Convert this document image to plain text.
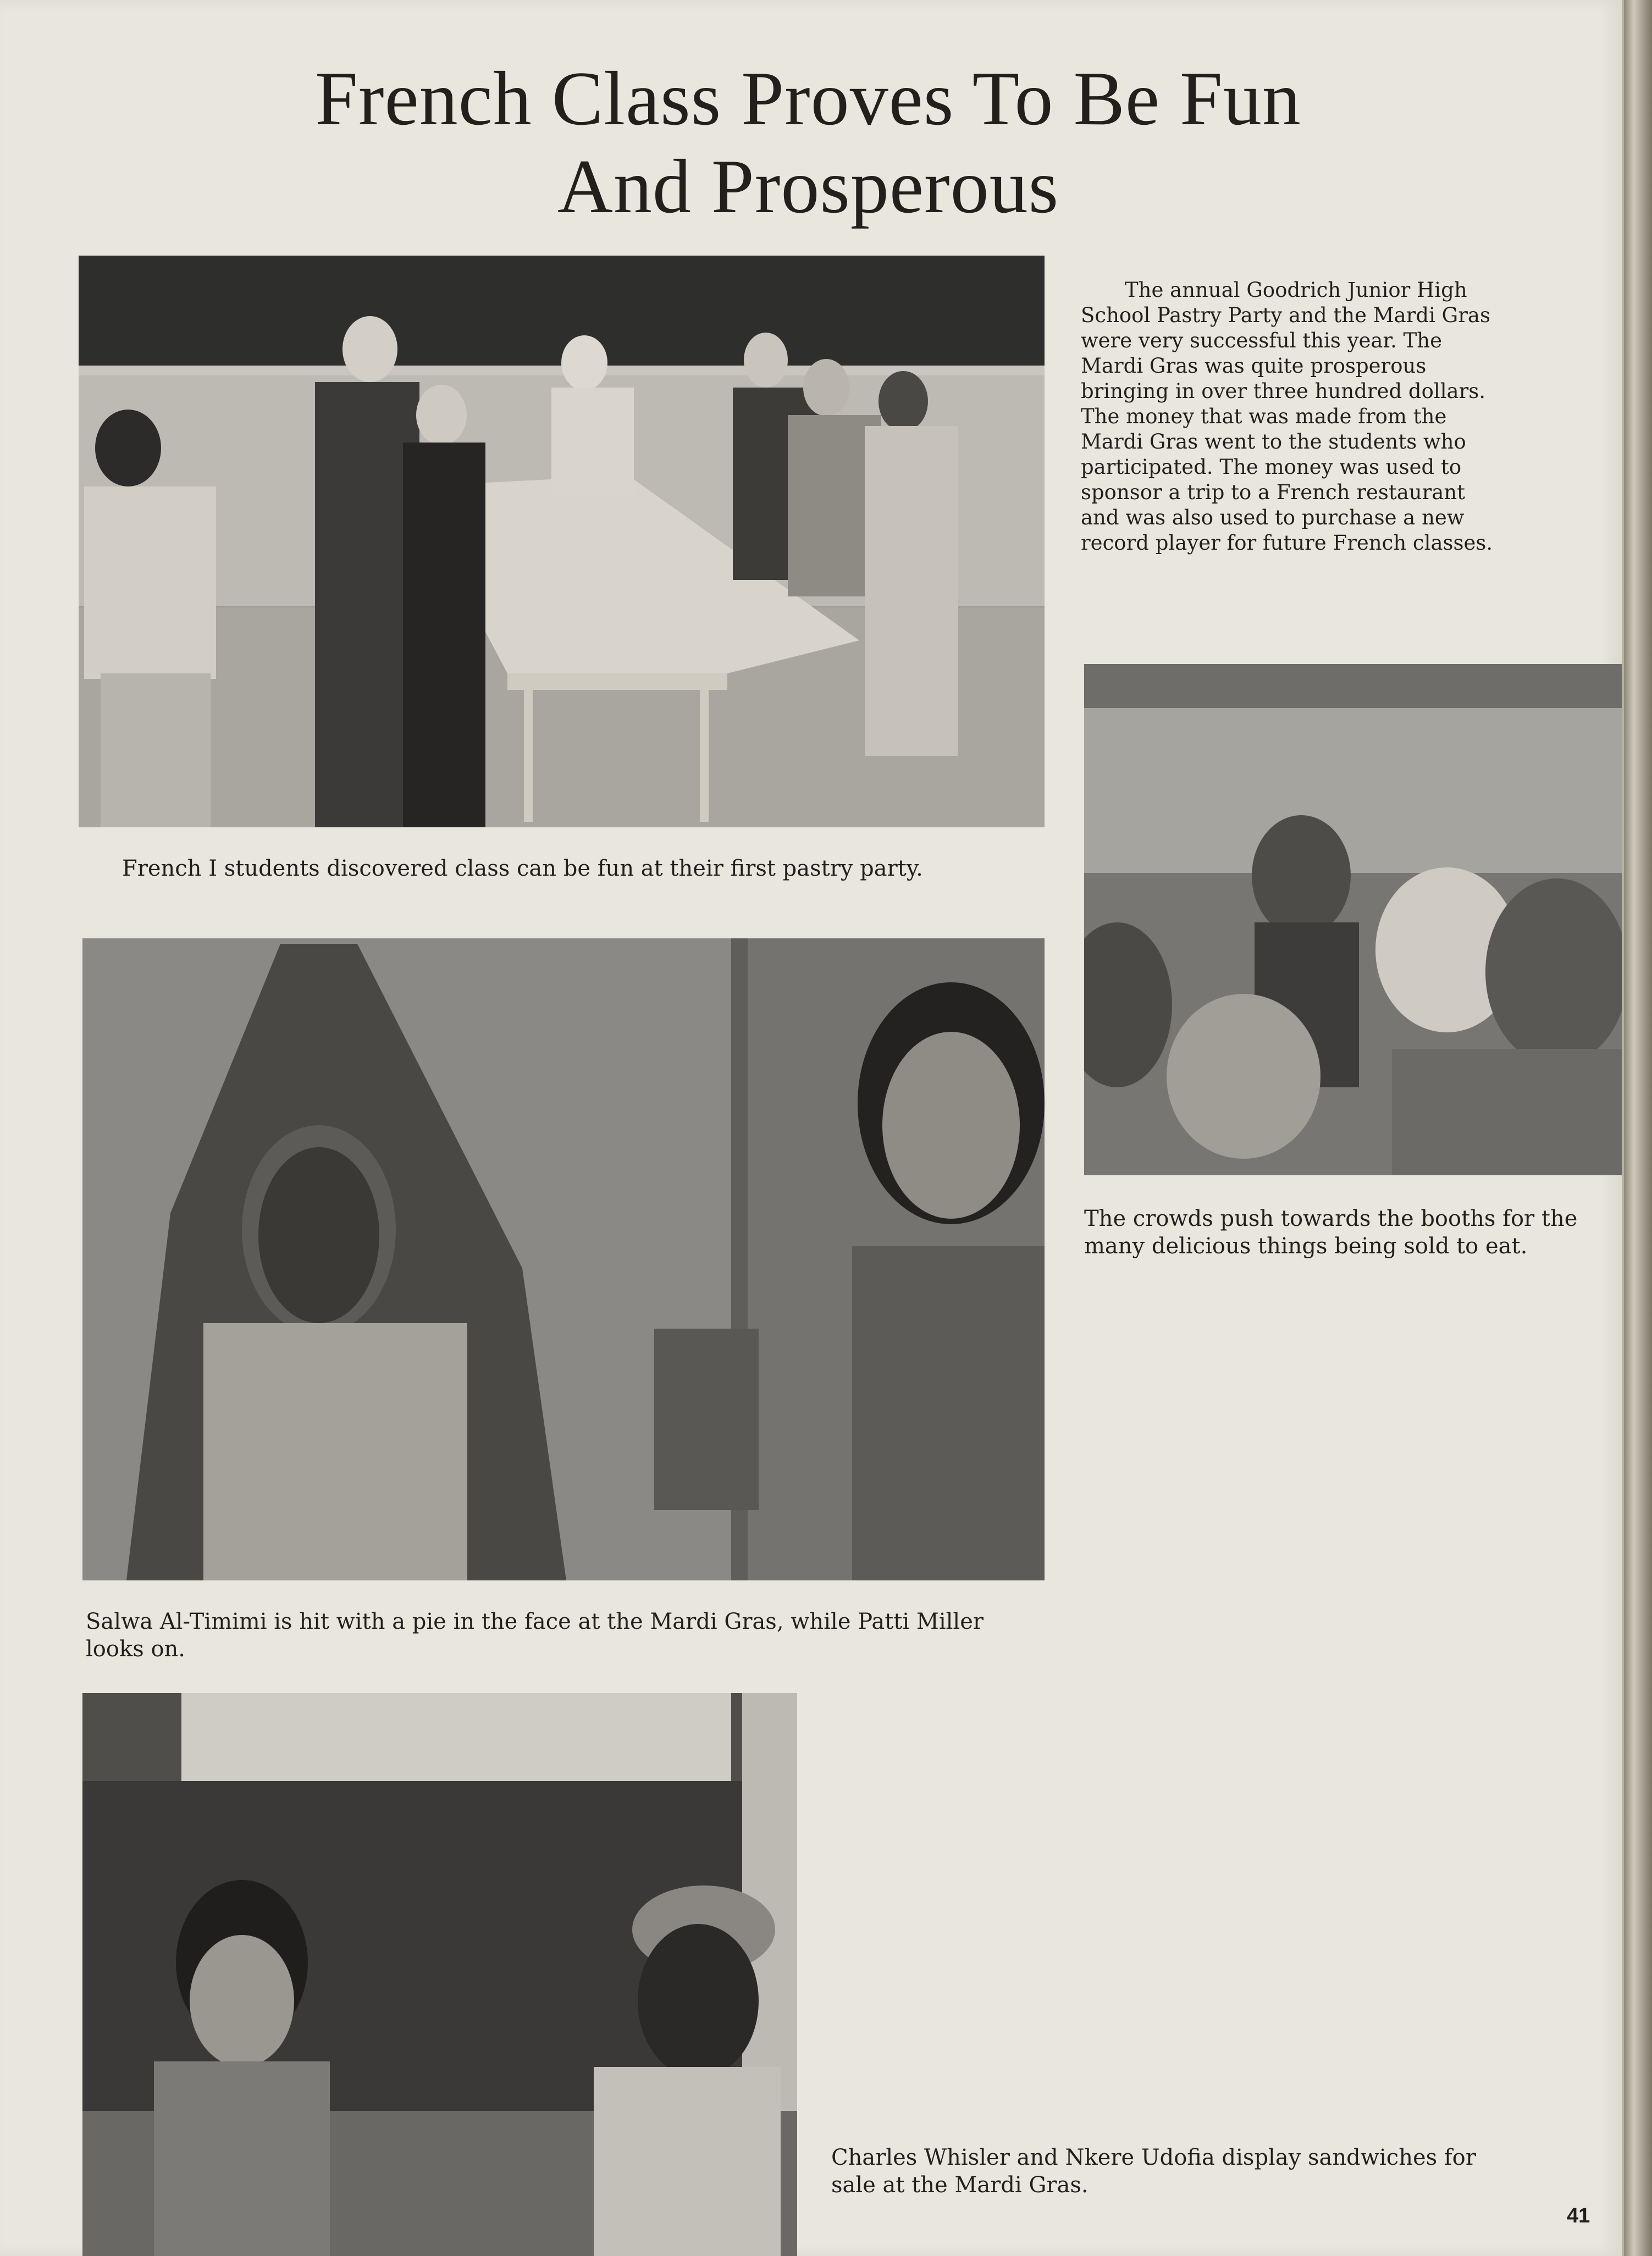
French Class Proves To Be Fun
And Prosperous

French I students discovered class can be fun at their first pastry party.

The annual Goodrich Junior High School Pastry Party and the Mardi Gras were very successful this year. The Mardi Gras was quite prosperous bringing in over three hundred dollars. The money that was made from the Mardi Gras went to the students who participated. The money was used to sponsor a trip to a French restaurant and was also used to purchase a new record player for future French classes.

The crowds push towards the booths for the many delicious things being sold to eat.

Salwa Al-Timimi is hit with a pie in the face at the Mardi Gras, while Patti Miller looks on.

Charles Whisler and Nkere Udofia display sandwiches for sale at the Mardi Gras.

41
